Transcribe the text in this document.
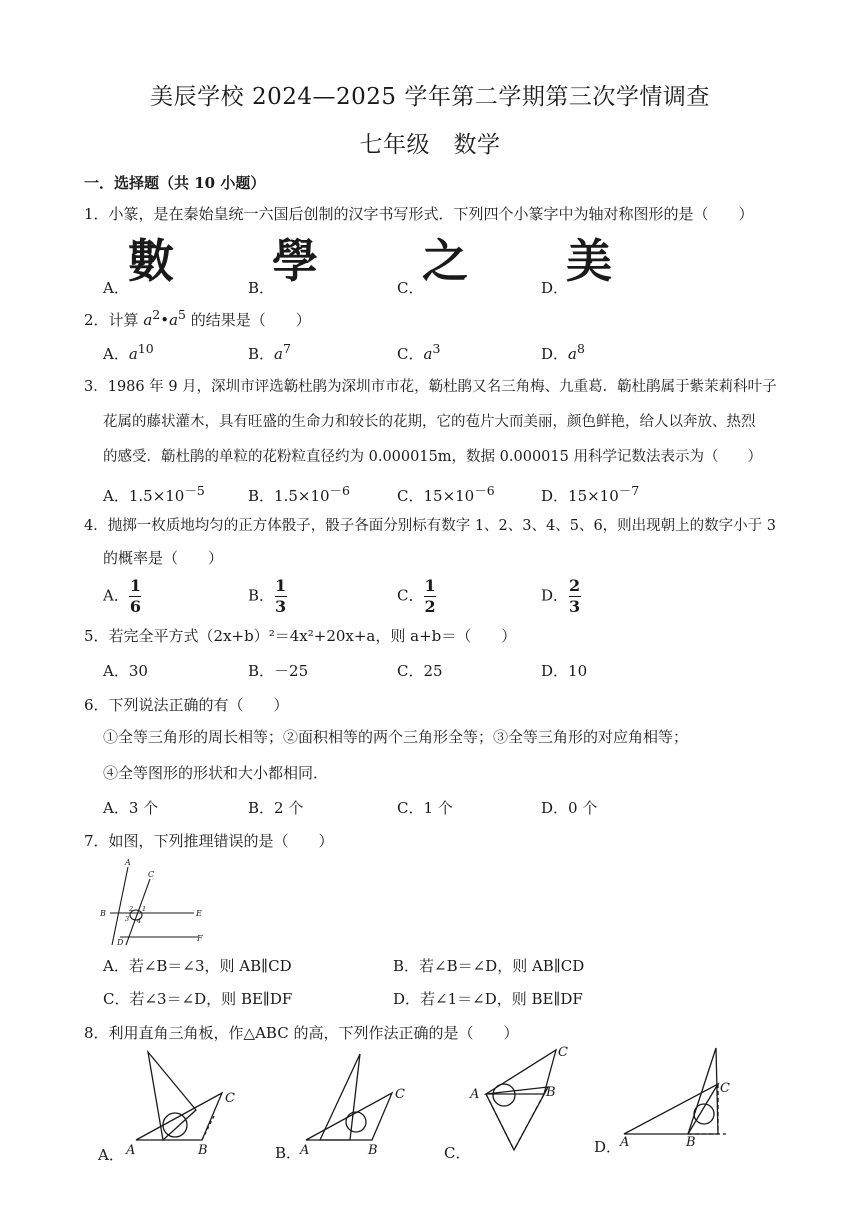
美辰学校 2024—2025 学年第二学期第三次学情调查
七年级　数学
一．选择题（共 10 小题）
1．小篆，是在秦始皇统一六国后创制的汉字书写形式．下列四个小篆字中为轴对称图形的是（　　）
A． 數	B．
學	C．
之	D．
美
2．计算 $a^2•a^5$ 的结果是（　　）
A．$a^{10}$	B．$a^7$	C．$a^3$	D．$a^8$
3．1986 年 9 月，深圳市评选簕杜鹃为深圳市市花，簕杜鹃又名三角梅、九重葛．簕杜鹃属于紫茉莉科叶子
花属的藤状灌木，具有旺盛的生命力和较长的花期，它的苞片大而美丽，颜色鲜艳，给人以奔放、热烈
的感受．簕杜鹃的单粒的花粉粒直径约为 0.000015m，数据 0.000015 用科学记数法表示为（　　）
A．$1.5\times 10^{-5}$	B．$1.5\times 10^{-6}$	C．$15\times 10^{-6}$	D．$15\times 10^{-7}$
4．抛掷一枚质地均匀的正方体骰子，骰子各面分别标有数字 1、2、3、4、5、6，则出现朝上的数字小于 3
的概率是（　　）
A． $\frac{1}{6}$	B． $\frac{1}{3}$	C． $\frac{1}{2}$	D． $\frac{2}{3}$
5．若完全平方式（2x+b）²＝4x²+20x+a，则 a+b＝（　　）
A．30	B．－25	C．25	D．10
6．下列说法正确的有（　　）
①全等三角形的周长相等；②面积相等的两个三角形全等；③全等三角形的对应角相等；
④全等图形的形状和大小都相同．
A．3 个	B．2 个	C．1 个	D．0 个
7．如图，下列推理错误的是（　　）
A
C
B	E
D	F
2 1
3 4
A．若∠B＝∠3，则 AB∥CD	B．若∠B＝∠D，则 AB∥CD
C．若∠3＝∠D，则 BE∥DF	D．若∠1＝∠D，则 BE∥DF
8．利用直角三角板，作△ABC 的高，下列作法正确的是（　　）
A． A	B
C
B．
A	B
C
C．
A	B
C
D．
A	B
C
